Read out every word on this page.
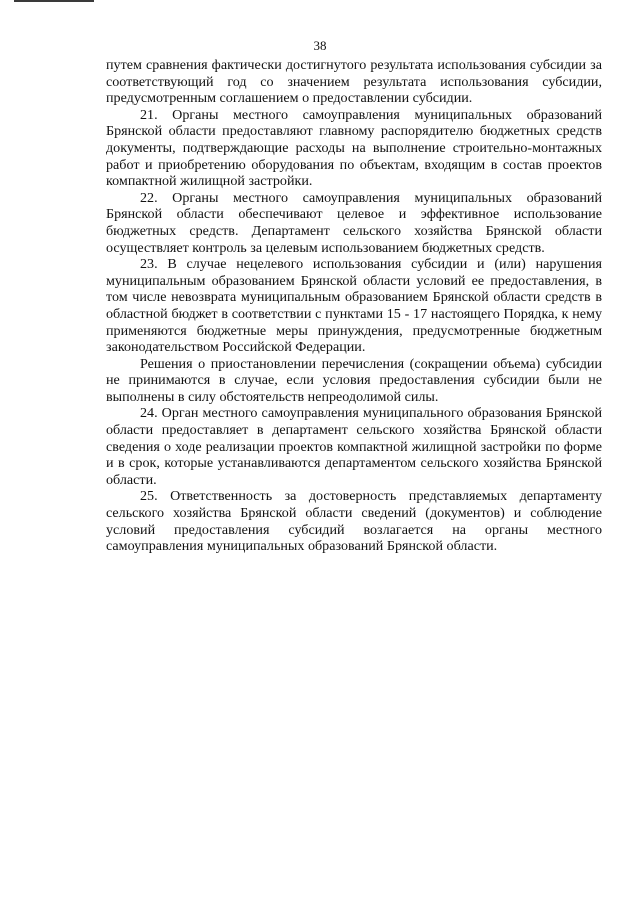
38

путем сравнения фактически достигнутого результата использования субсидии за соответствующий год со значением результата использования субсидии, предусмотренным соглашением о предоставлении субсидии.

21. Органы местного самоуправления муниципальных образований Брянской области предоставляют главному распорядителю бюджетных средств документы, подтверждающие расходы на выполнение строительно-монтажных работ и приобретению оборудования по объектам, входящим в состав проектов компактной жилищной застройки.

22. Органы местного самоуправления муниципальных образований Брянской области обеспечивают целевое и эффективное использование бюджетных средств. Департамент сельского хозяйства Брянской области осуществляет контроль за целевым использованием бюджетных средств.

23. В случае нецелевого использования субсидии и (или) нарушения муниципальным образованием Брянской области условий ее предоставления, в том числе невозврата муниципальным образованием Брянской области средств в областной бюджет в соответствии с пунктами 15 - 17 настоящего Порядка, к нему применяются бюджетные меры принуждения, предусмотренные бюджетным законодательством Российской Федерации.

Решения о приостановлении перечисления (сокращении объема) субсидии не принимаются в случае, если условия предоставления субсидии были не выполнены в силу обстоятельств непреодолимой силы.

24. Орган местного самоуправления муниципального образования Брянской области предоставляет в департамент сельского хозяйства Брянской области сведения о ходе реализации проектов компактной жилищной застройки по форме и в срок, которые устанавливаются департаментом сельского хозяйства Брянской области.

25. Ответственность за достоверность представляемых департаменту сельского хозяйства Брянской области сведений (документов) и соблюдение условий предоставления субсидий возлагается на органы местного самоуправления муниципальных образований Брянской области.
